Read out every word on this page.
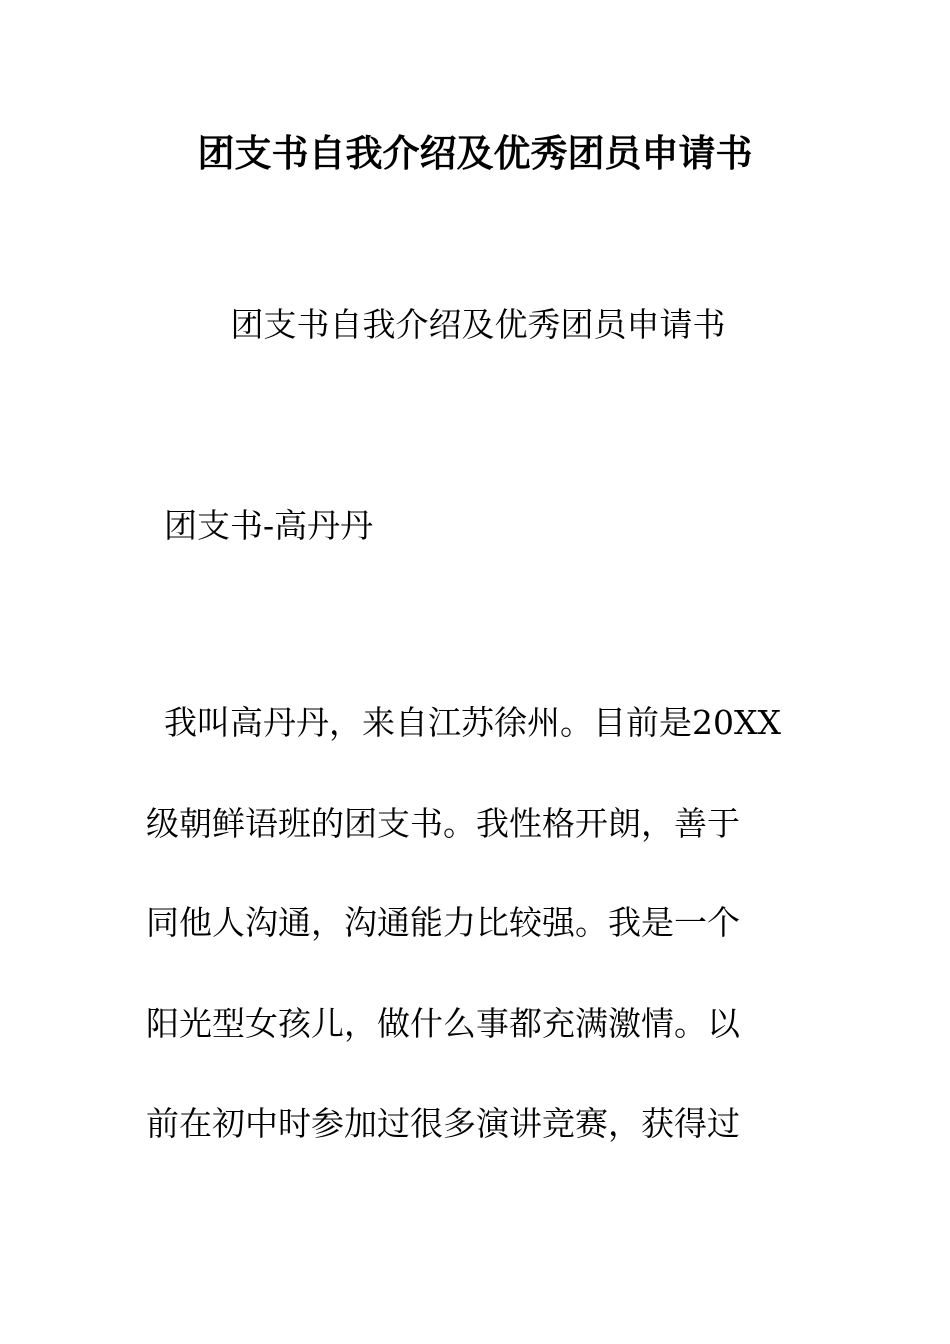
团支书自我介绍及优秀团员申请书
团支书自我介绍及优秀团员申请书
团支书-高丹丹
我叫高丹丹，来自江苏徐州。目前是20XX
级朝鲜语班的团支书。我性格开朗，善于
同他人沟通，沟通能力比较强。我是一个
阳光型女孩儿，做什么事都充满激情。以
前在初中时参加过很多演讲竞赛，获得过
